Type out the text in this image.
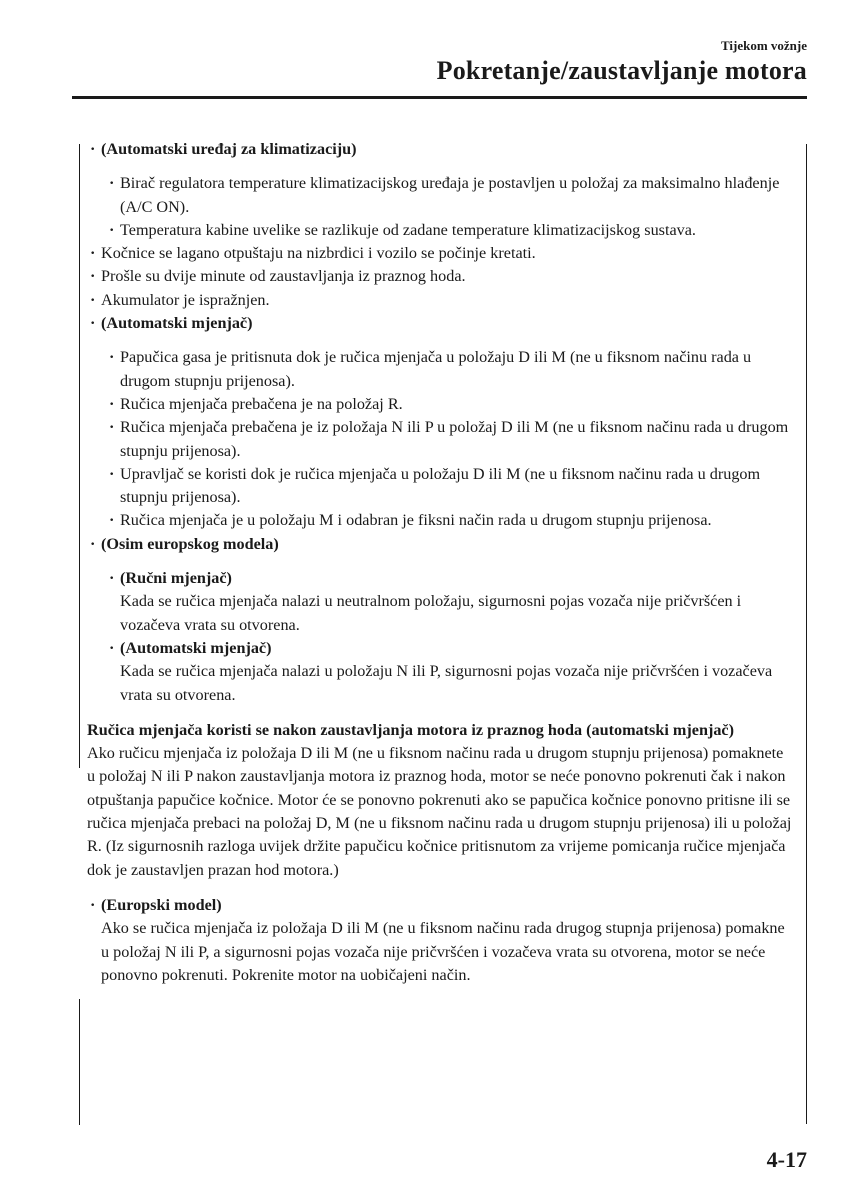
Tijekom vožnje
Pokretanje/zaustavljanje motora
· (Automatski uređaj za klimatizaciju)
· Birač regulatora temperature klimatizacijskog uređaja je postavljen u položaj za maksimalno hlađenje (A/C ON).
· Temperatura kabine uvelike se razlikuje od zadane temperature klimatizacijskog sustava.
· Kočnice se lagano otpuštaju na nizbrdici i vozilo se počinje kretati.
· Prošle su dvije minute od zaustavljanja iz praznog hoda.
· Akumulator je ispražnjen.
· (Automatski mjenjač)
· Papučica gasa je pritisnuta dok je ručica mjenjača u položaju D ili M (ne u fiksnom načinu rada u drugom stupnju prijenosa).
· Ručica mjenjača prebačena je na položaj R.
· Ručica mjenjača prebačena je iz položaja N ili P u položaj D ili M (ne u fiksnom načinu rada u drugom stupnju prijenosa).
· Upravljač se koristi dok je ručica mjenjača u položaju D ili M (ne u fiksnom načinu rada u drugom stupnju prijenosa).
· Ručica mjenjača je u položaju M i odabran je fiksni način rada u drugom stupnju prijenosa.
· (Osim europskog modela)
· (Ručni mjenjač)
Kada se ručica mjenjača nalazi u neutralnom položaju, sigurnosni pojas vozača nije pričvršćen i vozačeva vrata su otvorena.
· (Automatski mjenjač)
Kada se ručica mjenjača nalazi u položaju N ili P, sigurnosni pojas vozača nije pričvršćen i vozačeva vrata su otvorena.

Ručica mjenjača koristi se nakon zaustavljanja motora iz praznog hoda (automatski mjenjač)

Ako ručicu mjenjača iz položaja D ili M (ne u fiksnom načinu rada u drugom stupnju prijenosa) pomaknete u položaj N ili P nakon zaustavljanja motora iz praznog hoda, motor se neće ponovno pokrenuti čak i nakon otpuštanja papučice kočnice. Motor će se ponovno pokrenuti ako se papučica kočnice ponovno pritisne ili se ručica mjenjača prebaci na položaj D, M (ne u fiksnom načinu rada u drugom stupnju prijenosa) ili u položaj R. (Iz sigurnosnih razloga uvijek držite papučicu kočnice pritisnutom za vrijeme pomicanja ručice mjenjača dok je zaustavljen prazan hod motora.)

· (Europski model)

Ako se ručica mjenjača iz položaja D ili M (ne u fiksnom načinu rada drugog stupnja prijenosa) pomakne u položaj N ili P, a sigurnosni pojas vozača nije pričvršćen i vozačeva vrata su otvorena, motor se neće ponovno pokrenuti. Pokrenite motor na uobičajeni način.

4-17
